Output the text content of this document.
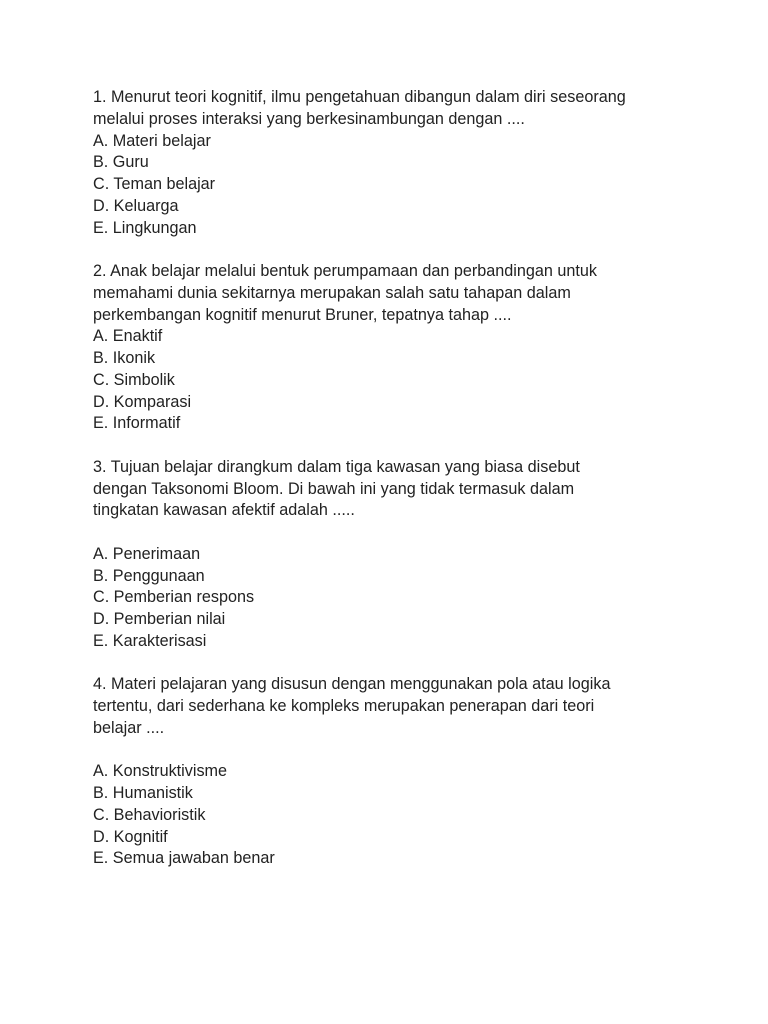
1. Menurut teori kognitif, ilmu pengetahuan dibangun dalam diri seseorang
melalui proses interaksi yang berkesinambungan dengan ....
A. Materi belajar
B. Guru
C. Teman belajar
D. Keluarga
E. Lingkungan
2. Anak belajar melalui bentuk perumpamaan dan perbandingan untuk
memahami dunia sekitarnya merupakan salah satu tahapan dalam
perkembangan kognitif menurut Bruner, tepatnya tahap ....
A. Enaktif
B. Ikonik
C. Simbolik
D. Komparasi
E. Informatif
3. Tujuan belajar dirangkum dalam tiga kawasan yang biasa disebut
dengan Taksonomi Bloom. Di bawah ini yang tidak termasuk dalam
tingkatan kawasan afektif adalah .....
A. Penerimaan
B. Penggunaan
C. Pemberian respons
D. Pemberian nilai
E. Karakterisasi
4. Materi pelajaran yang disusun dengan menggunakan pola atau logika
tertentu, dari sederhana ke kompleks merupakan penerapan dari teori
belajar ....
A. Konstruktivisme
B. Humanistik
C. Behavioristik
D. Kognitif
E. Semua jawaban benar
